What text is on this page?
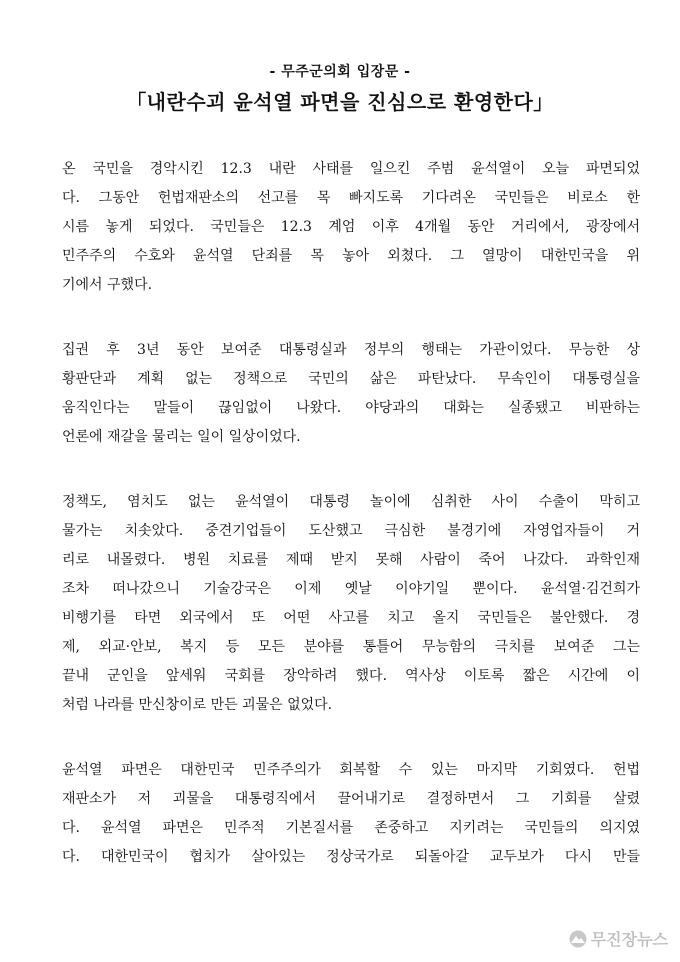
- 무주군의회 입장문 -
「내란수괴 윤석열 파면을 진심으로 환영한다」
온 국민을 경악시킨 12.3 내란 사태를 일으킨 주범 윤석열이 오늘 파면되었
다. 그동안 헌법재판소의 선고를 목 빠지도록 기다려온 국민들은 비로소 한
시름 놓게 되었다. 국민들은 12.3 계엄 이후 4개월 동안 거리에서, 광장에서
민주주의 수호와 윤석열 단죄를 목 놓아 외쳤다. 그 열망이 대한민국을 위
기에서 구했다.
집권 후 3년 동안 보여준 대통령실과 정부의 행태는 가관이었다. 무능한 상
황판단과 계획 없는 정책으로 국민의 삶은 파탄났다. 무속인이 대통령실을
움직인다는 말들이 끊임없이 나왔다. 야당과의 대화는 실종됐고 비판하는
언론에 재갈을 물리는 일이 일상이었다.
정책도, 염치도 없는 윤석열이 대통령 놀이에 심취한 사이 수출이 막히고
물가는 치솟았다. 중견기업들이 도산했고 극심한 불경기에 자영업자들이 거
리로 내몰렸다. 병원 치료를 제때 받지 못해 사람이 죽어 나갔다. 과학인재
조차 떠나갔으니 기술강국은 이제 옛날 이야기일 뿐이다. 윤석열·김건희가
비행기를 타면 외국에서 또 어떤 사고를 치고 올지 국민들은 불안했다. 경
제, 외교·안보, 복지 등 모든 분야를 통틀어 무능함의 극치를 보여준 그는
끝내 군인을 앞세워 국회를 장악하려 했다. 역사상 이토록 짧은 시간에 이
처럼 나라를 만신창이로 만든 괴물은 없었다.
윤석열 파면은 대한민국 민주주의가 회복할 수 있는 마지막 기회였다. 헌법
재판소가 저 괴물을 대통령직에서 끌어내기로 결정하면서 그 기회를 살렸
다. 윤석열 파면은 민주적 기본질서를 존중하고 지키려는 국민들의 의지였
다. 대한민국이 협치가 살아있는 정상국가로 되돌아갈 교두보가 다시 만들
무진장뉴스
